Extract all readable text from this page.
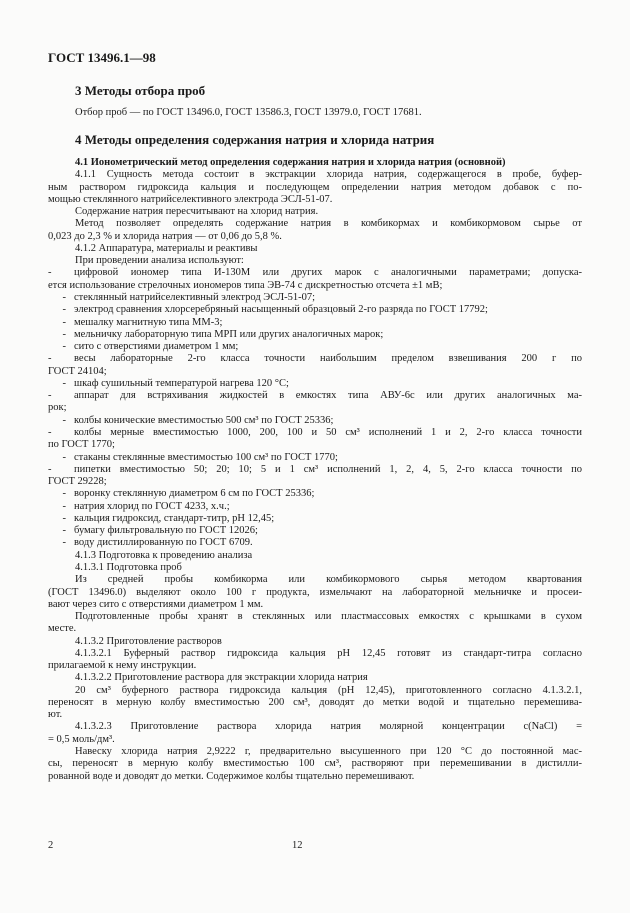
ГОСТ 13496.1—98
3 Методы отбора проб
Отбор проб — по ГОСТ 13496.0, ГОСТ 13586.3, ГОСТ 13979.0, ГОСТ 17681.
4 Методы определения содержания натрия и хлорида натрия
4.1 Ионометрический метод определения содержания натрия и хлорида натрия (основной)
4.1.1 Сущность метода состоит в экстракции хлорида натрия, содержащегося в пробе, буфер-
ным раствором гидроксида кальция и последующем определении натрия методом добавок с по-
мощью стеклянного натрийселективного электрода ЭСЛ-51-07.
Содержание натрия пересчитывают на хлорид натрия.
Метод позволяет определять содержание натрия в комбикормах и комбикормовом сырье от
0,023 до 2,3 % и хлорида натрия — от 0,06 до 5,8 %.
4.1.2 Аппаратура, материалы и реактивы
При проведении анализа используют:
- цифровой иономер типа И-130М или других марок с аналогичными параметрами; допуска-
ется использование стрелочных иономеров типа ЭВ-74 с дискретностью отсчета ±1 мВ;
- стеклянный натрийселективный электрод ЭСЛ-51-07;
- электрод сравнения хлорсеребряный насыщенный образцовый 2-го разряда по ГОСТ 17792;
- мешалку магнитную типа ММ-3;
- мельничку лабораторную типа МРП или других аналогичных марок;
- сито с отверстиями диаметром 1 мм;
- весы лабораторные 2-го класса точности наибольшим пределом взвешивания 200 г по
ГОСТ 24104;
- шкаф сушильный температурой нагрева 120 °С;
- аппарат для встряхивания жидкостей в емкостях типа АВУ-6с или других аналогичных ма-
рок;
- колбы конические вместимостью 500 см³ по ГОСТ 25336;
- колбы мерные вместимостью 1000, 200, 100 и 50 см³ исполнений 1 и 2, 2-го класса точности
по ГОСТ 1770;
- стаканы стеклянные вместимостью 100 см³ по ГОСТ 1770;
- пипетки вместимостью 50; 20; 10; 5 и 1 см³ исполнений 1, 2, 4, 5, 2-го класса точности по
ГОСТ 29228;
- воронку стеклянную диаметром 6 см по ГОСТ 25336;
- натрия хлорид по ГОСТ 4233, х.ч.;
- кальция гидроксид, стандарт-титр, рН 12,45;
- бумагу фильтровальную по ГОСТ 12026;
- воду дистиллированную по ГОСТ 6709.
4.1.3 Подготовка к проведению анализа
4.1.3.1 Подготовка проб
Из средней пробы комбикорма или комбикормового сырья методом квартования
(ГОСТ 13496.0) выделяют около 100 г продукта, измельчают на лабораторной мельничке и просеи-
вают через сито с отверстиями диаметром 1 мм.
Подготовленные пробы хранят в стеклянных или пластмассовых емкостях с крышками в сухом
месте.
4.1.3.2 Приготовление растворов
4.1.3.2.1 Буферный раствор гидроксида кальция рН 12,45 готовят из стандарт-титра согласно
прилагаемой к нему инструкции.
4.1.3.2.2 Приготовление раствора для экстракции хлорида натрия
20 см³ буферного раствора гидроксида кальция (рН 12,45), приготовленного согласно 4.1.3.2.1,
переносят в мерную колбу вместимостью 200 см³, доводят до метки водой и тщательно перемешива-
ют.
4.1.3.2.3 Приготовление раствора хлорида натрия молярной концентрации c(NaCl) =
= 0,5 моль/дм³.
Навеску хлорида натрия 2,9222 г, предварительно высушенного при 120 °С до постоянной мас-
сы, переносят в мерную колбу вместимостью 100 см³, растворяют при перемешивании в дистилли-
рованной воде и доводят до метки. Содержимое колбы тщательно перемешивают.
2	12
